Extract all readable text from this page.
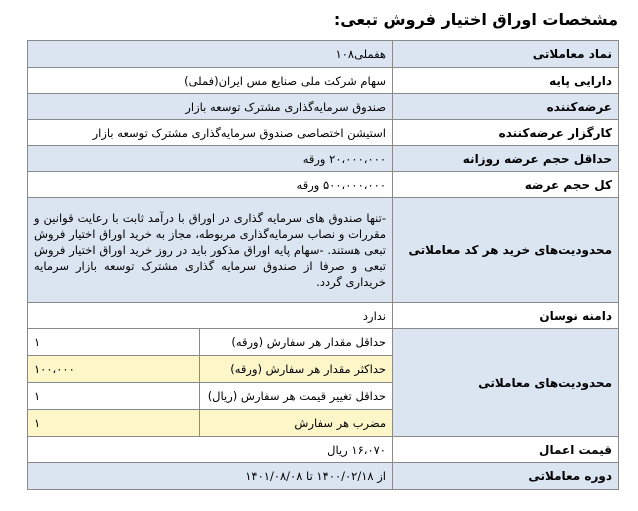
مشخصات اوراق اختیار فروش تبعی:
نماد معاملاتی	هفملی۱۰۸
دارایی پایه	سهام شرکت ملی صنایع مس ایران(فملی)
عرضه‌کننده	صندوق سرمایه‌گذاری مشترک توسعه بازار
کارگزار عرضه‌کننده	استیشن اختصاصی صندوق سرمایه‌گذاری مشترک توسعه بازار
حداقل حجم عرضه روزانه	۲۰،۰۰۰،۰۰۰ ورقه
کل حجم عرضه	۵۰۰،۰۰۰،۰۰۰ ورقه
محدودیت‌های خرید هر کد معاملاتی	-تنها صندوق های سرمایه گذاری در اوراق با درآمد ثابت با رعایت قوانین و مقررات و نصاب سرمایه‌گذاری مربوطه، مجاز به خرید اوراق اختیار فروش تبعی هستند. -سهام پایه اوراق مذکور باید در روز خرید اوراق اختیار فروش تبعی و صرفا از صندوق سرمایه گذاری مشترک توسعه بازار سرمایه خریداری گردد.
دامنه نوسان	ندارد
محدودیت‌های معاملاتی	
حداقل مقدار هر سفارش (ورقه)	۱
حداکثر مقدار هر سفارش (ورقه)	۱۰۰،۰۰۰
حداقل تغییر قیمت هر سفارش (ریال)	۱
مضرب هر سفارش	۱

قیمت اعمال	۱۶،۰۷۰ ریال
دوره معاملاتی	از ۱۴۰۰/۰۲/۱۸ تا ۱۴۰۱/۰۸/۰۸
